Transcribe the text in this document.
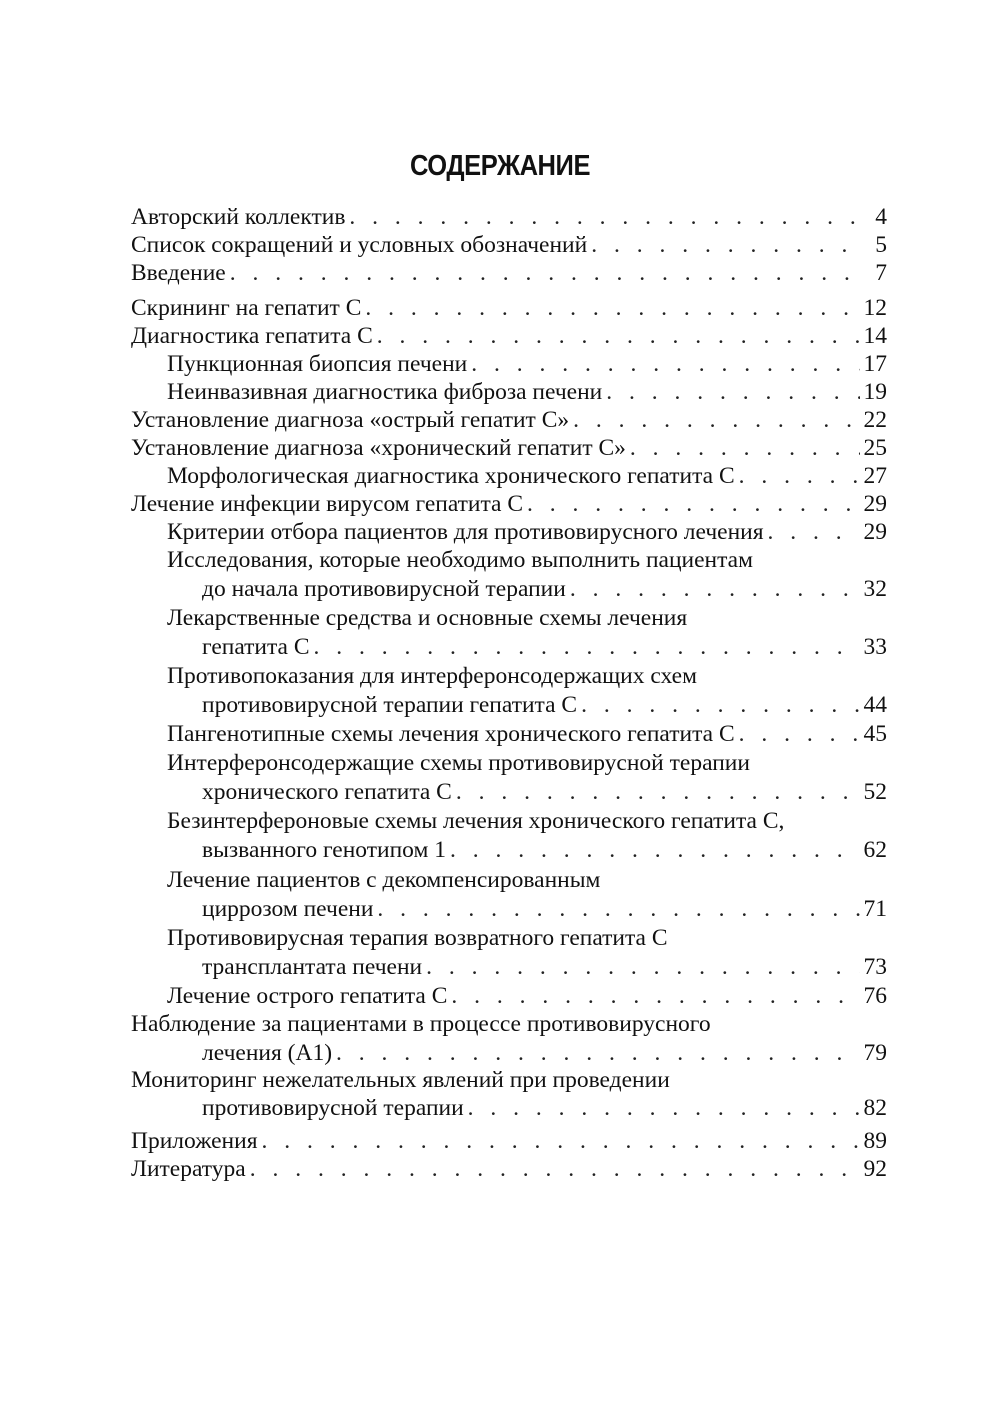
СОДЕРЖАНИЕ
Авторский коллектив . . .	4
Список сокращений и условных обозначений . . .	5
Введение . . .	7
Скрининг на гепатит С . . .	12
Диагностика гепатита С . . .	14
Пункционная биопсия печени . . .	17
Неинвазивная диагностика фиброза печени . . .	19
Установление диагноза «острый гепатит С» . . .	22
Установление диагноза «хронический гепатит С» . . .	25
Морфологическая диагностика хронического гепатита С . . .	27
Лечение инфекции вирусом гепатита С . . .	29
Критерии отбора пациентов для противовирусного лечения . . .	29
Исследования, которые необходимо выполнить пациентам
до начала противовирусной терапии . . .	32
Лекарственные средства и основные схемы лечения
гепатита С . . .	33
Противопоказания для интерферонсодержащих схем
противовирусной терапии гепатита С . . .	44
Пангенотипные схемы лечения хронического гепатита С . . .	45
Интерферонсодержащие схемы противовирусной терапии
хронического гепатита С . . .	52
Безинтерфероновые схемы лечения хронического гепатита С,
вызванного генотипом 1 . . .	62
Лечение пациентов с декомпенсированным
циррозом печени . . .	71
Противовирусная терапия возвратного гепатита С
трансплантата печени . . .	73
Лечение острого гепатита С . . .	76
Наблюдение за пациентами в процессе противовирусного
лечения (А1) . . .	79
Мониторинг нежелательных явлений при проведении
противовирусной терапии . . .	82
Приложения . . .	89
Литература . . .	92
